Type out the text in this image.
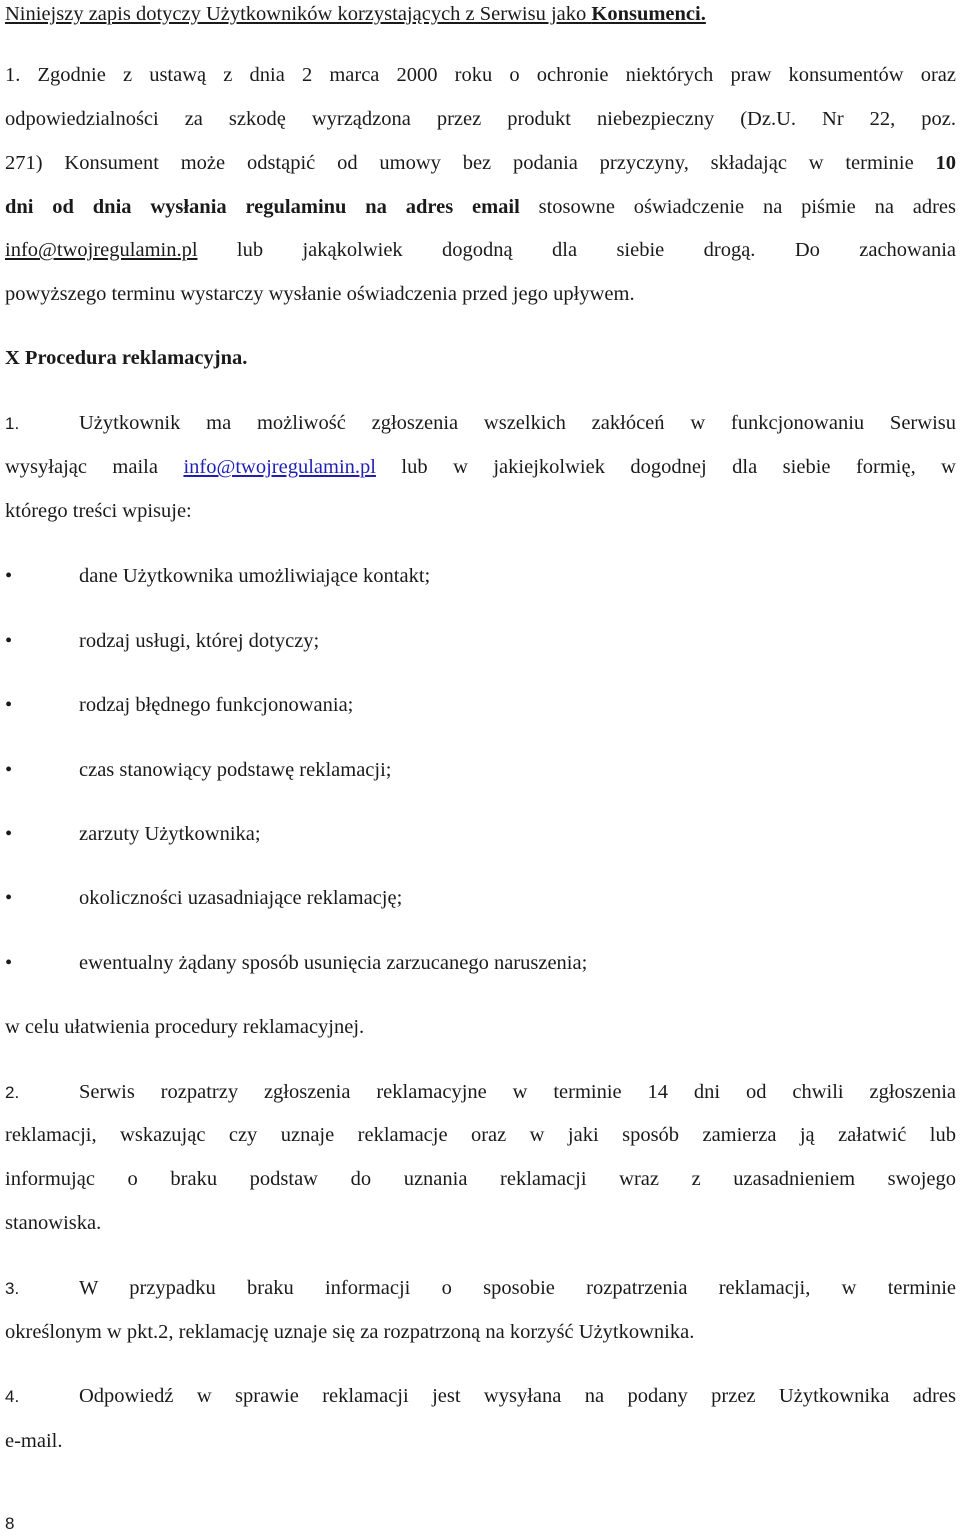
Niniejszy zapis dotyczy Użytkowników korzystających z Serwisu jako Konsumenci.
1. Zgodnie z ustawą z dnia 2 marca 2000 roku o ochronie niektórych praw konsumentów oraz
odpowiedzialności za szkodę wyrządzona przez produkt niebezpieczny (Dz.U. Nr 22, poz.
271) Konsument może odstąpić od umowy bez podania przyczyny, składając w terminie 10
dni od dnia wysłania regulaminu na adres email stosowne oświadczenie na piśmie na adres
info@twojregulamin.pl lub jakąkolwiek dogodną dla siebie drogą. Do zachowania
powyższego terminu wystarczy wysłanie oświadczenia przed jego upływem.
X Procedura reklamacyjna.
1.	Użytkownik ma możliwość zgłoszenia wszelkich zakłóceń w funkcjonowaniu Serwisu
wysyłając maila info@twojregulamin.pl lub w jakiejkolwiek dogodnej dla siebie formię, w
którego treści wpisuje:
•	dane Użytkownika umożliwiające kontakt;
•	rodzaj usługi, której dotyczy;
•	rodzaj błędnego funkcjonowania;
•	czas stanowiący podstawę reklamacji;
•	zarzuty Użytkownika;
•	okoliczności uzasadniające reklamację;
•	ewentualny żądany sposób usunięcia zarzucanego naruszenia;
w celu ułatwienia procedury reklamacyjnej.
2.	Serwis rozpatrzy zgłoszenia reklamacyjne w terminie 14 dni od chwili zgłoszenia
reklamacji, wskazując czy uznaje reklamacje oraz w jaki sposób zamierza ją załatwić lub
informując o braku podstaw do uznania reklamacji wraz z uzasadnieniem swojego
stanowiska.
3.	W przypadku braku informacji o sposobie rozpatrzenia reklamacji, w terminie
określonym w pkt.2, reklamację uznaje się za rozpatrzoną na korzyść Użytkownika.
4.	Odpowiedź w sprawie reklamacji jest wysyłana na podany przez Użytkownika adres
e-mail.
8
